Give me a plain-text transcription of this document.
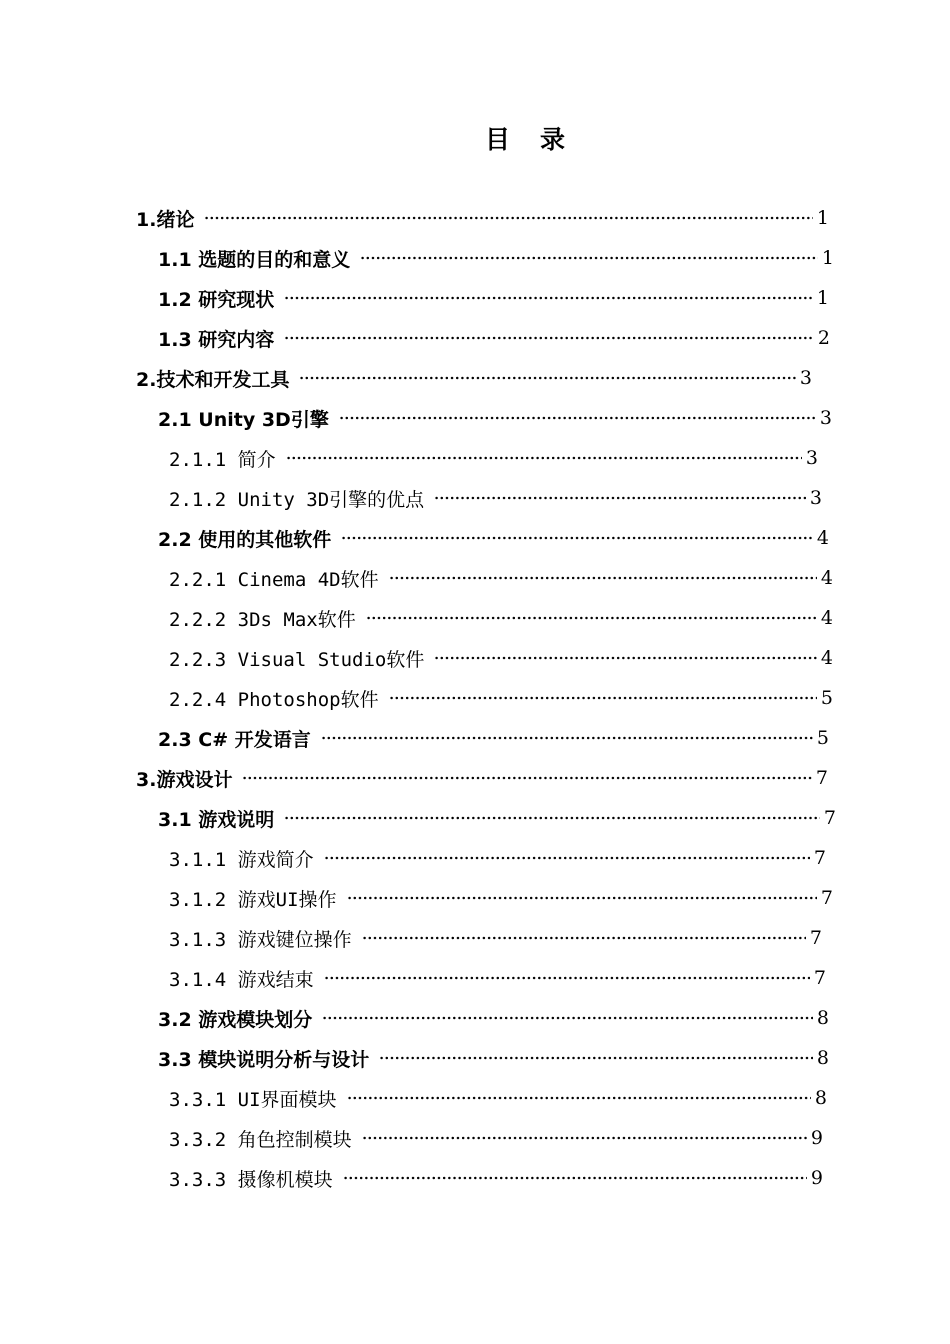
目 录
1.绪论	1
1.1 选题的目的和意义	1
1.2 研究现状	1
1.3 研究内容	2
2.技术和开发工具	3
2.1 Unity 3D引擎	3
2.1.1 简介	3
2.1.2 Unity 3D引擎的优点	3
2.2 使用的其他软件	4
2.2.1 Cinema 4D软件	4
2.2.2 3Ds Max软件	4
2.2.3 Visual Studio软件	4
2.2.4 Photoshop软件	5
2.3 C# 开发语言	5
3.游戏设计	7
3.1 游戏说明	7
3.1.1 游戏简介	7
3.1.2 游戏UI操作	7
3.1.3 游戏键位操作	7
3.1.4 游戏结束	7
3.2 游戏模块划分	8
3.3 模块说明分析与设计	8
3.3.1 UI界面模块	8
3.3.2 角色控制模块	9
3.3.3 摄像机模块	9
